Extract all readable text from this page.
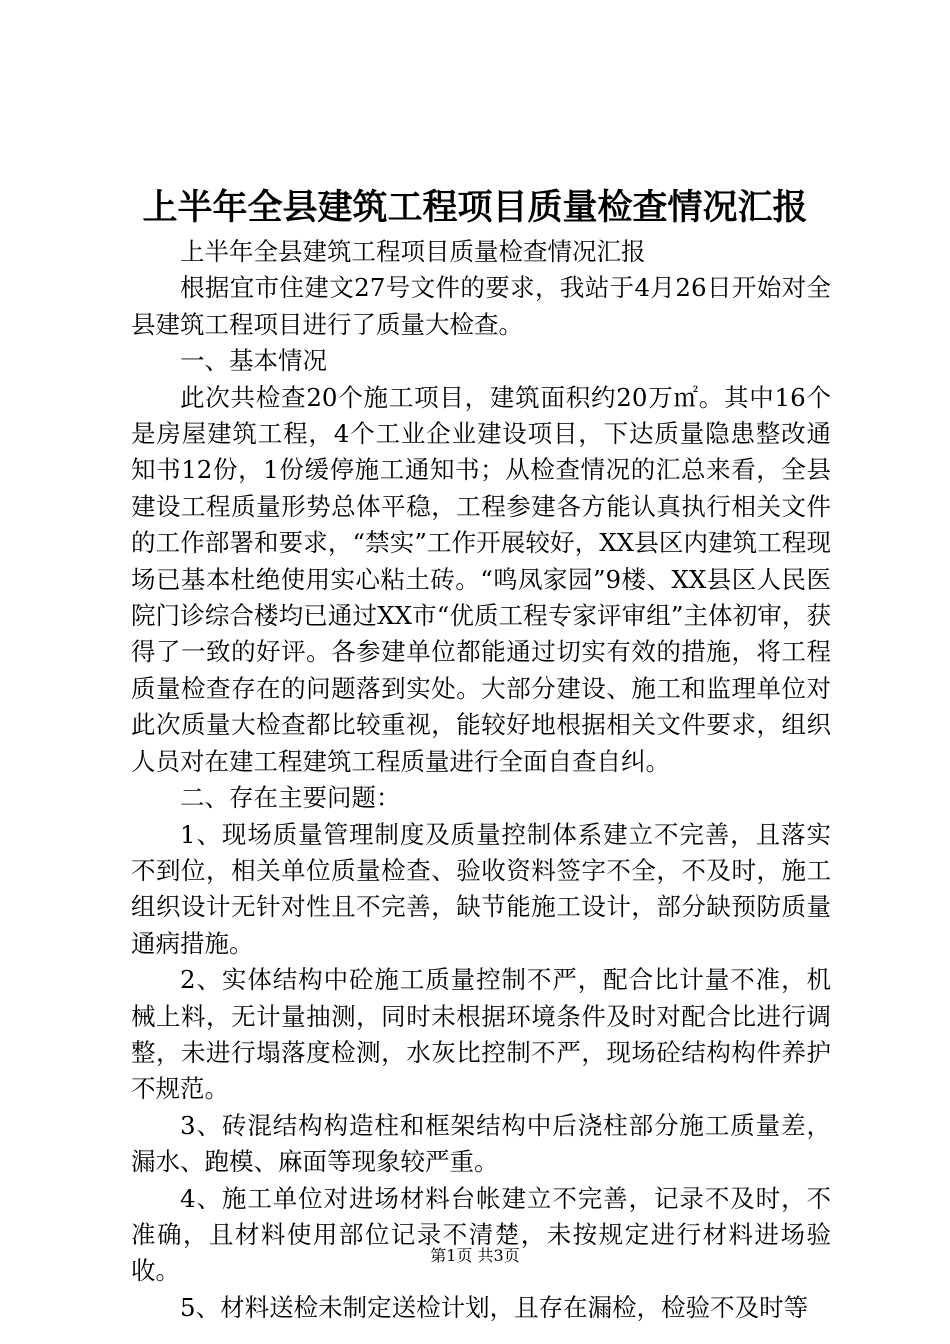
上半年全县建筑工程项目质量检查情况汇报

上半年全县建筑工程项目质量检查情况汇报

根据宜市住建文27号文件的要求，我站于4月26日开始对全县建筑工程项目进行了质量大检查。

一、基本情况

此次共检查20个施工项目，建筑面积约20万㎡。其中16个是房屋建筑工程，4个工业企业建设项目，下达质量隐患整改通知书12份，1份缓停施工通知书；从检查情况的汇总来看，全县建设工程质量形势总体平稳，工程参建各方能认真执行相关文件的工作部署和要求，“禁实”工作开展较好，XX县区内建筑工程现场已基本杜绝使用实心粘土砖。“鸣凤家园”9楼、XX县区人民医院门诊综合楼均已通过XX市“优质工程专家评审组”主体初审，获得了一致的好评。各参建单位都能通过切实有效的措施，将工程质量检查存在的问题落到实处。大部分建设、施工和监理单位对此次质量大检查都比较重视，能较好地根据相关文件要求，组织人员对在建工程建筑工程质量进行全面自查自纠。

二、存在主要问题：

1、现场质量管理制度及质量控制体系建立不完善，且落实不到位，相关单位质量检查、验收资料签字不全，不及时，施工组织设计无针对性且不完善，缺节能施工设计，部分缺预防质量通病措施。

2、实体结构中砼施工质量控制不严，配合比计量不准，机械上料，无计量抽测，同时未根据环境条件及时对配合比进行调整，未进行塌落度检测，水灰比控制不严，现场砼结构构件养护不规范。

3、砖混结构构造柱和框架结构中后浇柱部分施工质量差，漏水、跑模、麻面等现象较严重。

4、施工单位对进场材料台帐建立不完善，记录不及时，不准确，且材料使用部位记录不清楚，未按规定进行材料进场验收。

5、材料送检未制定送检计划，且存在漏检，检验不及时等

第1页 共3页
